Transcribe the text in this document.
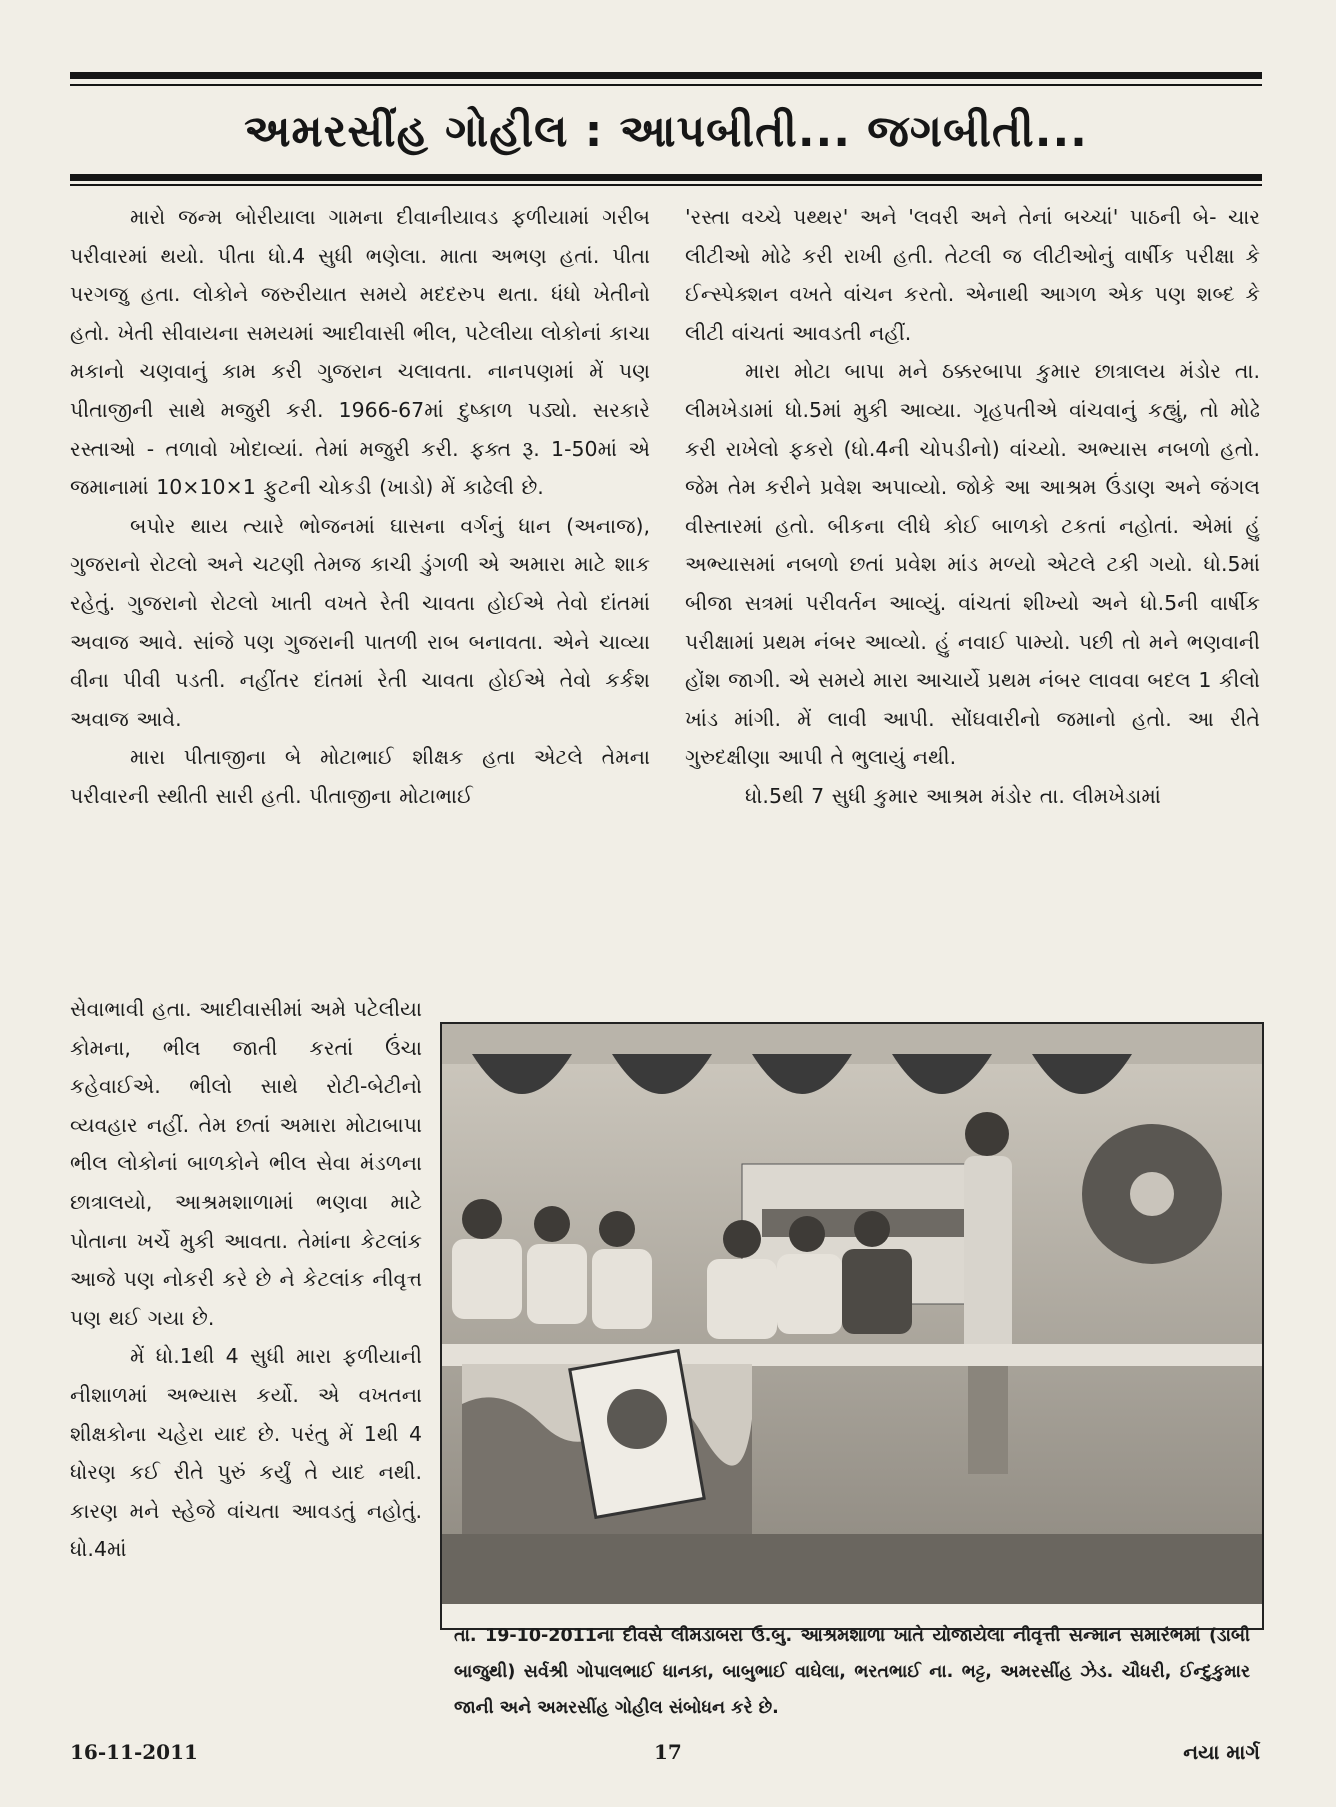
અમરસીંહ ગોહીલ : આપબીતી... જગબીતી...

મારો જન્મ બોરીયાલા ગામના દીવાનીયાવડ ફળીયામાં ગરીબ પરીવારમાં થયો. પીતા ધો.4 સુધી ભણેલા. માતા અભણ હતાં. પીતા પરગજુ હતા. લોકોને જરુરીયાત સમયે મદદરુપ થતા. ધંધો ખેતીનો હતો. ખેતી સીવાયના સમયમાં આદીવાસી ભીલ, પટેલીયા લોકોનાં કાચા મકાનો ચણવાનું કામ કરી ગુજરાન ચલાવતા. નાનપણમાં મેં પણ પીતાજીની સાથે મજુરી કરી. 1966-67માં દુષ્કાળ પડ્યો. સરકારે રસ્તાઓ - તળાવો ખોદાવ્યાં. તેમાં મજુરી કરી. ફક્ત રૂ. 1-50માં એ જમાનામાં 10×10×1 ફુટની ચોકડી (ખાડો) મેં કાઢેલી છે.

બપોર થાય ત્યારે ભોજનમાં ઘાસના વર્ગનું ધાન (અનાજ), ગુજરાનો રોટલો અને ચટણી તેમજ કાચી ડુંગળી એ અમારા માટે શાક રહેતું. ગુજરાનો રોટલો ખાતી વખતે રેતી ચાવતા હોઈએ તેવો દાંતમાં અવાજ આવે. સાંજે પણ ગુજરાની પાતળી રાબ બનાવતા. એને ચાવ્યા વીના પીવી પડતી. નહીંતર દાંતમાં રેતી ચાવતા હોઈએ તેવો કર્કશ અવાજ આવે.

મારા પીતાજીના બે મોટાભાઈ શીક્ષક હતા એટલે તેમના પરીવારની સ્થીતી સારી હતી. પીતાજીના મોટાભાઈ

'રસ્તા વચ્ચે પથ્થર' અને 'લવરી અને તેનાં બચ્ચાં' પાઠની બે- ચાર લીટીઓ મોઢે કરી રાખી હતી. તેટલી જ લીટીઓનું વાર્ષીક પરીક્ષા કે ઈન્સ્પેક્શન વખતે વાંચન કરતો. એનાથી આગળ એક પણ શબ્દ કે લીટી વાંચતાં આવડતી નહીં.

મારા મોટા બાપા મને ઠક્કરબાપા કુમાર છાત્રાલય મંડોર તા. લીમખેડામાં ધો.5માં મુકી આવ્યા. ગૃહપતીએ વાંચવાનું કહ્યું, તો મોઢે કરી રાખેલો ફકરો (ધો.4ની ચોપડીનો) વાંચ્યો. અભ્યાસ નબળો હતો. જેમ તેમ કરીને પ્રવેશ અપાવ્યો. જોકે આ આશ્રમ ઉંડાણ અને જંગલ વીસ્તારમાં હતો. બીકના લીધે કોઈ બાળકો ટકતાં નહોતાં. એમાં હું અભ્યાસમાં નબળો છતાં પ્રવેશ માંડ મળ્યો એટલે ટકી ગયો. ધો.5માં બીજા સત્રમાં પરીવર્તન આવ્યું. વાંચતાં શીખ્યો અને ધો.5ની વાર્ષીક પરીક્ષામાં પ્રથમ નંબર આવ્યો. હું નવાઈ પામ્યો. પછી તો મને ભણવાની હોંશ જાગી. એ સમયે મારા આચાર્યે પ્રથમ નંબર લાવવા બદલ 1 કીલો ખાંડ માંગી. મેં લાવી આપી. સોંઘવારીનો જમાનો હતો. આ રીતે ગુરુદક્ષીણા આપી તે ભુલાયું નથી.

ધો.5થી 7 સુધી કુમાર આશ્રમ મંડોર તા. લીમખેડામાં

સેવાભાવી હતા. આદીવાસીમાં અમે પટેલીયા કોમના, ભીલ જાતી કરતાં ઉંચા કહેવાઈએ. ભીલો સાથે રોટી-બેટીનો વ્યવહાર નહીં. તેમ છતાં અમારા મોટાબાપા ભીલ લોકોનાં બાળકોને ભીલ સેવા મંડળના છાત્રાલયો, આશ્રમશાળામાં ભણવા માટે પોતાના ખર્ચે મુકી આવતા. તેમાંના કેટલાંક આજે પણ નોકરી કરે છે ને કેટલાંક નીવૃત્ત પણ થઈ ગયા છે.

મેં ધો.1થી 4 સુધી મારા ફળીયાની નીશાળમાં અભ્યાસ કર્યો. એ વખતના શીક્ષકોના ચહેરા યાદ છે. પરંતુ મેં 1થી 4 ધોરણ કઈ રીતે પુરું કર્યું તે યાદ નથી. કારણ મને સ્હેજે વાંચતા આવડતું નહોતું. ધો.4માં

તા. 19-10-2011ના દીવસે લીમડાબરા ઉ.બુ. આશ્રમશાળા ખાતે યોજાયેલા નીવૃત્તી સન્માન સમારંભમાં (ડાબી બાજુથી) સર્વશ્રી ગોપાલભાઈ ધાનકા, બાબુભાઈ વાઘેલા, ભરતભાઈ ના. ભટ્ટ, અમરસીંહ ઝેડ. ચૌધરી, ઈન્દુકુમાર જાની અને અમરસીંહ ગોહીલ સંબોધન કરે છે.
16-11-2011	17	નયા માર્ગ
